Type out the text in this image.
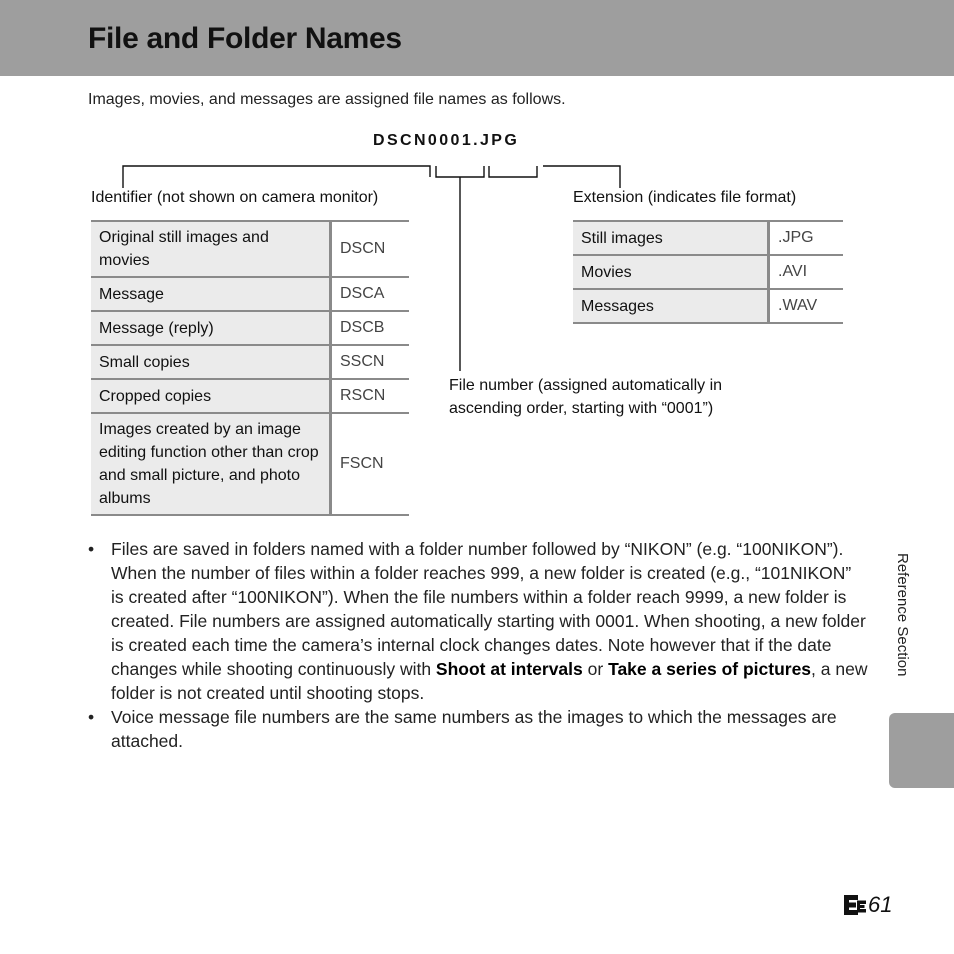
File and Folder Names
Images, movies, and messages are assigned file names as follows.
DSCN0001.JPG
Identifier (not shown on camera monitor)	Extension (indicates file format)
File number (assigned automatically in ascending order, starting with “0001”)
Original still images and movies	DSCN
Message	DSCA
Message (reply)	DSCB
Small copies	SSCN
Cropped copies	RSCN
Images created by an image editing function other than crop and small picture, and photo albums	FSCN
Still images	.JPG
Movies	.AVI
Messages	.WAV
• Files are saved in folders named with a folder number followed by “NIKON” (e.g. “100NIKON”). When the number of files within a folder reaches 999, a new folder is created (e.g., “101NIKON” is created after “100NIKON”). When the file numbers within a folder reach 9999, a new folder is created. File numbers are assigned automatically starting with 0001. When shooting, a new folder is created each time the camera’s internal clock changes dates. Note however that if the date changes while shooting continuously with Shoot at intervals or Take a series of pictures, a new folder is not created until shooting stops.
• Voice message file numbers are the same numbers as the images to which the messages are attached.
Reference Section
61
